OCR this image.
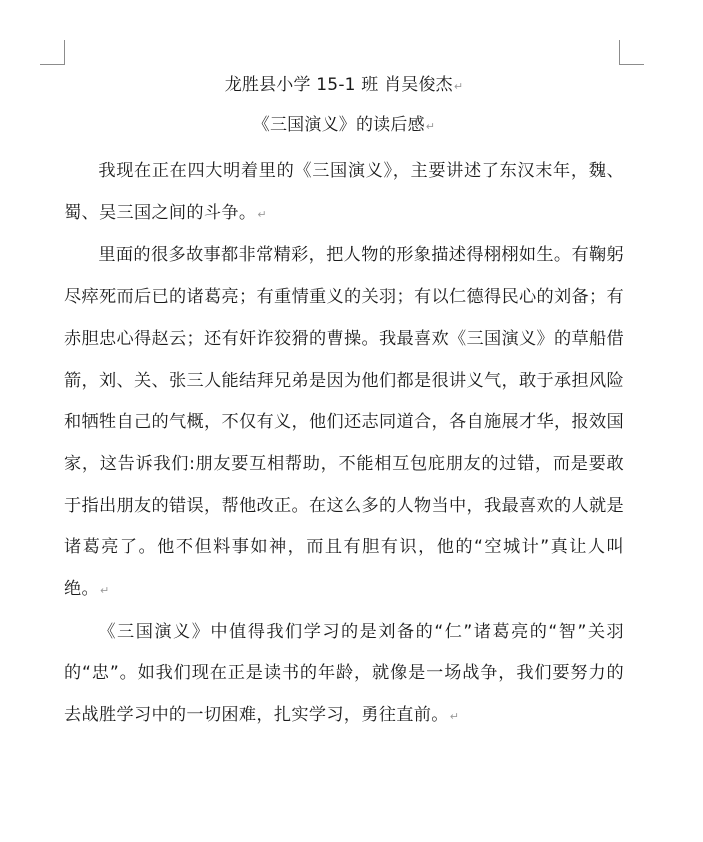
龙胜县小学 15-1 班 肖吴俊杰↵
《三国演义》的读后感↵

我现在正在四大明着里的《三国演义》，主要讲述了东汉末年，魏、蜀、吴三国之间的斗争。↵

里面的很多故事都非常精彩，把人物的形象描述得栩栩如生。有鞠躬尽瘁死而后已的诸葛亮；有重情重义的关羽；有以仁德得民心的刘备；有赤胆忠心得赵云；还有奸诈狡猾的曹操。我最喜欢《三国演义》的草船借箭，刘、关、张三人能结拜兄弟是因为他们都是很讲义气，敢于承担风险和牺牲自己的气概，不仅有义，他们还志同道合，各自施展才华，报效国家，这告诉我们:朋友要互相帮助，不能相互包庇朋友的过错，而是要敢于指出朋友的错误，帮他改正。在这么多的人物当中，我最喜欢的人就是诸葛亮了。他不但料事如神，而且有胆有识，他的“空城计”真让人叫绝。↵

《三国演义》中值得我们学习的是刘备的“仁”诸葛亮的“智”关羽的“忠”。如我们现在正是读书的年龄，就像是一场战争，我们要努力的去战胜学习中的一切困难，扎实学习，勇往直前。↵
